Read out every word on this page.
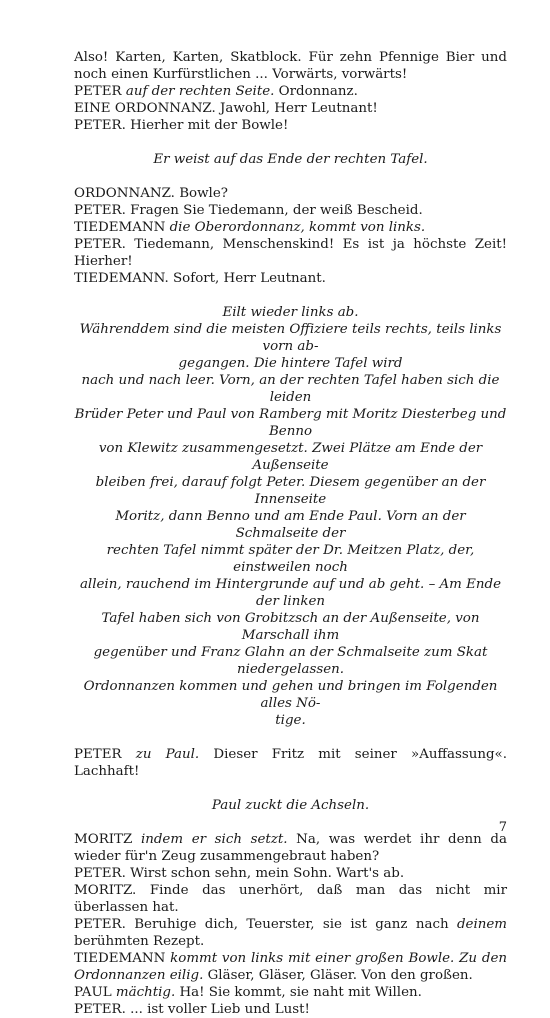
Also! Karten, Karten, Skatblock. Für zehn Pfennige Bier und noch einen Kurfürstlichen ... Vorwärts, vorwärts!

PETER auf der rechten Seite. Ordonnanz.

EINE ORDONNANZ. Jawohl, Herr Leutnant!

PETER. Hierher mit der Bowle!

Er weist auf das Ende der rechten Tafel.

ORDONNANZ. Bowle?

PETER. Fragen Sie Tiedemann, der weiß Bescheid.

TIEDEMANN die Oberordonnanz, kommt von links.

PETER. Tiedemann, Menschenskind! Es ist ja höchste Zeit! Hierher!

TIEDEMANN. Sofort, Herr Leutnant.

Eilt wieder links ab.

Währenddem sind die meisten Offiziere teils rechts, teils links vorn ab-

gegangen. Die hintere Tafel wird

nach und nach leer. Vorn, an der rechten Tafel haben sich die leiden

Brüder Peter und Paul von Ramberg mit Moritz Diesterbeg und Benno

von Klewitz zusammengesetzt. Zwei Plätze am Ende der Außenseite

bleiben frei, darauf folgt Peter. Diesem gegenüber an der Innenseite

Moritz, dann Benno und am Ende Paul. Vorn an der Schmalseite der

rechten Tafel nimmt später der Dr. Meitzen Platz, der, einstweilen noch

allein, rauchend im Hintergrunde auf und ab geht. – Am Ende der linken

Tafel haben sich von Grobitzsch an der Außenseite, von Marschall ihm

gegenüber und Franz Glahn an der Schmalseite zum Skat niedergelassen.

Ordonnanzen kommen und gehen und bringen im Folgenden alles Nö-

tige.

PETER zu Paul. Dieser Fritz mit seiner »Auffassung«. Lachhaft!

Paul zuckt die Achseln.

MORITZ indem er sich setzt. Na, was werdet ihr denn da wieder für'n Zeug zusammengebraut haben?

PETER. Wirst schon sehn, mein Sohn. Wart's ab.

MORITZ. Finde das unerhört, daß man das nicht mir überlassen hat.

PETER. Beruhige dich, Teuerster, sie ist ganz nach deinem berühmten Rezept.

TIEDEMANN kommt von links mit einer großen Bowle. Zu den Ordonnanzen eilig. Gläser, Gläser, Gläser. Von den großen.

PAUL mächtig. Ha! Sie kommt, sie naht mit Willen.

PETER. ... ist voller Lieb und Lust!

7
